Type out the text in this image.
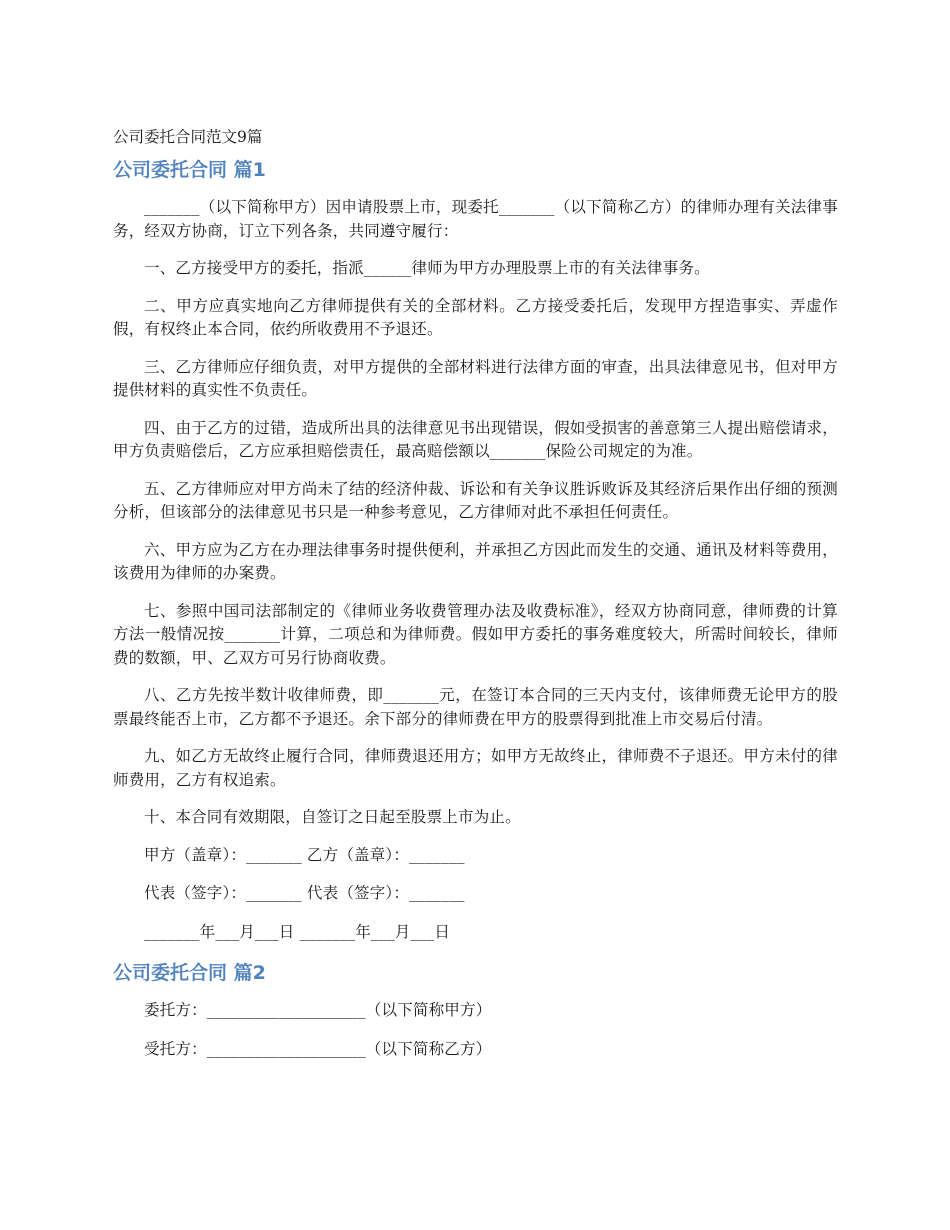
公司委托合同范文9篇
公司委托合同 篇1

_______（以下简称甲方）因申请股票上市，现委托_______（以下简称乙方）的律师办理有关法律事务，经双方协商，订立下列各条，共同遵守履行：

一、乙方接受甲方的委托，指派______律师为甲方办理股票上市的有关法律事务。

二、甲方应真实地向乙方律师提供有关的全部材料。乙方接受委托后，发现甲方捏造事实、弄虚作假，有权终止本合同，依约所收费用不予退还。

三、乙方律师应仔细负责，对甲方提供的全部材料进行法律方面的审查，出具法律意见书，但对甲方提供材料的真实性不负责任。

四、由于乙方的过错，造成所出具的法律意见书出现错误，假如受损害的善意第三人提出赔偿请求，甲方负责赔偿后，乙方应承担赔偿责任，最高赔偿额以_______保险公司规定的为准。

五、乙方律师应对甲方尚未了结的经济仲裁、诉讼和有关争议胜诉败诉及其经济后果作出仔细的预测分析，但该部分的法律意见书只是一种参考意见，乙方律师对此不承担任何责任。

六、甲方应为乙方在办理法律事务时提供便利，并承担乙方因此而发生的交通、通讯及材料等费用，该费用为律师的办案费。

七、参照中国司法部制定的《律师业务收费管理办法及收费标准》，经双方协商同意，律师费的计算方法一般情况按_______计算，二项总和为律师费。假如甲方委托的事务难度较大，所需时间较长，律师费的数额，甲、乙双方可另行协商收费。

八、乙方先按半数计收律师费，即_______元，在签订本合同的三天内支付，该律师费无论甲方的股票最终能否上市，乙方都不予退还。余下部分的律师费在甲方的股票得到批准上市交易后付清。

九、如乙方无故终止履行合同，律师费退还用方；如甲方无故终止，律师费不子退还。甲方未付的律师费用，乙方有权追索。

十、本合同有效期限，自签订之日起至股票上市为止。

甲方（盖章）：_______ 乙方（盖章）：_______

代表（签字）：_______ 代表（签字）：_______

_______年___月___日 _______年___月___日

公司委托合同 篇2

委托方：____________________（以下简称甲方）

受托方：____________________（以下简称乙方）
